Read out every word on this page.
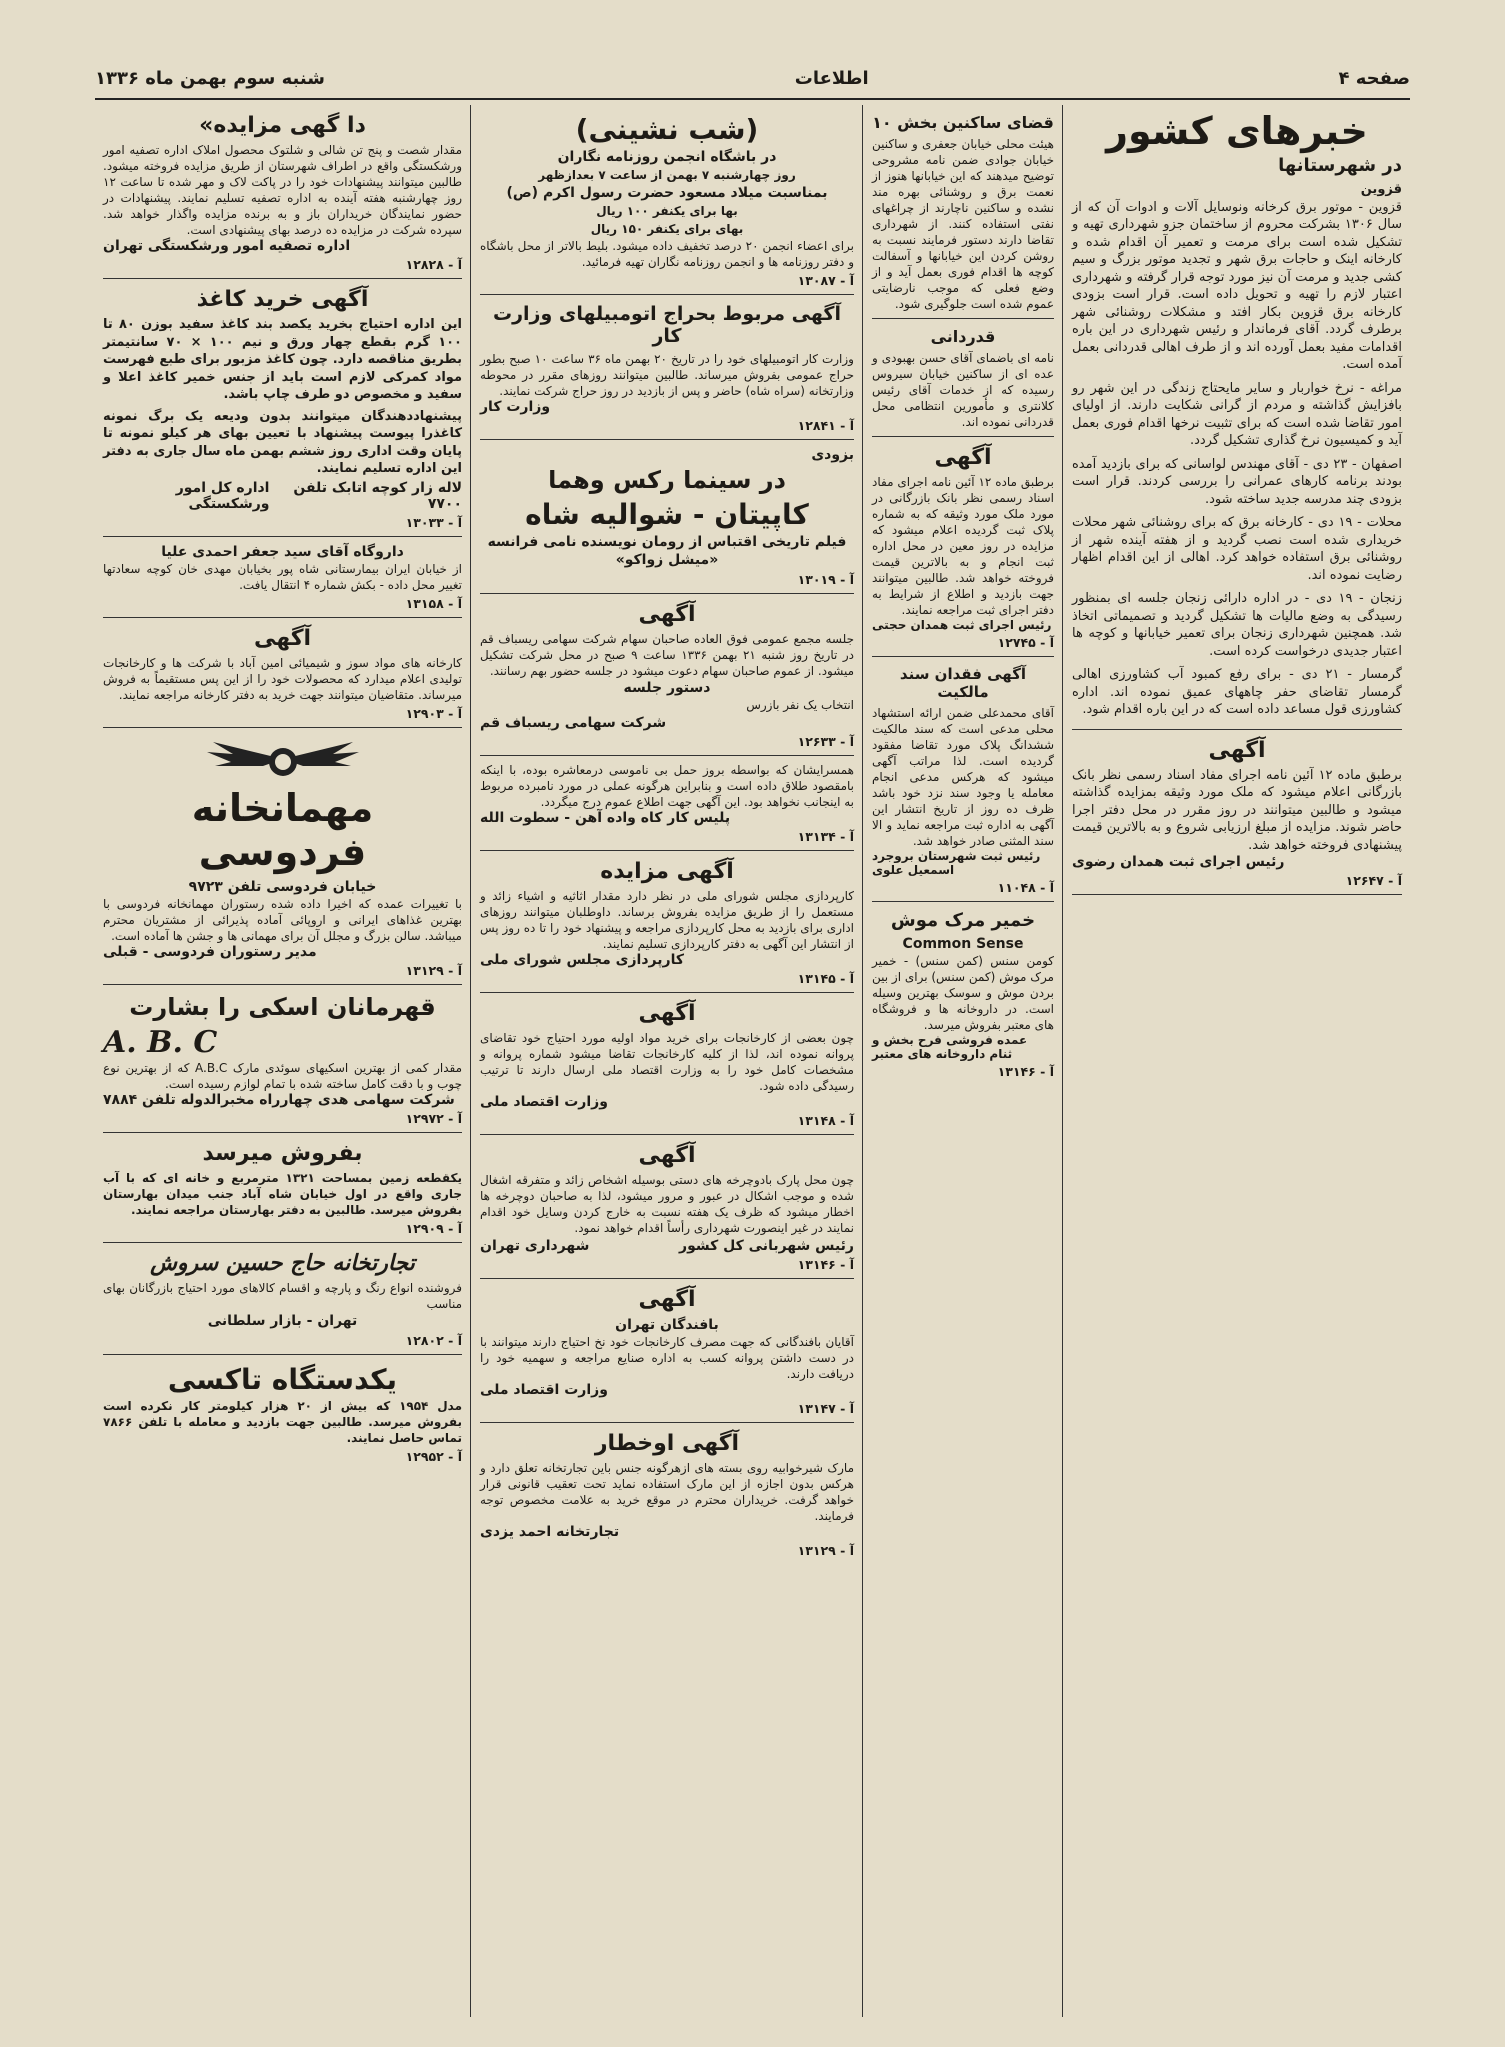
صفحه ۴
اطلاعات
شنبه سوم بهمن ماه ۱۳۳۶
خبرهای کشور
در شهرستانها
قزوین
قزوین - موتور برق کرخانه ونوسایل آلات و ادوات آن که از سال ۱۳۰۶ بشرکت محروم از ساختمان جزو شهرداری تهیه و تشکیل شده است برای مرمت و تعمیر آن اقدام شده و کارخانه اینک و حاجات برق شهر و تجدید موتور بزرگ و سیم کشی جدید و مرمت آن نیز مورد توجه قرار گرفته و شهرداری اعتبار لازم را تهیه و تحویل داده است. قرار است بزودی کارخانه برق قزوین بکار افتد و مشکلات روشنائی شهر برطرف گردد. آقای فرماندار و رئیس شهرداری در این باره اقدامات مفید بعمل آورده اند و از طرف اهالی قدردانی بعمل آمده است.
مراغه - نرخ خواربار و سایر مایحتاج زندگی در این شهر رو بافزایش گذاشته و مردم از گرانی شکایت دارند. از اولیای امور تقاضا شده است که برای تثبیت نرخها اقدام فوری بعمل آید و کمیسیون نرخ گذاری تشکیل گردد.
اصفهان - ۲۳ دی - آقای مهندس لواسانی که برای بازدید آمده بودند برنامه کارهای عمرانی را بررسی کردند. قرار است بزودی چند مدرسه جدید ساخته شود.
محلات - ۱۹ دی - کارخانه برق که برای روشنائی شهر محلات خریداری شده است نصب گردید و از هفته آینده شهر از روشنائی برق استفاده خواهد کرد. اهالی از این اقدام اظهار رضایت نموده اند.
زنجان - ۱۹ دی - در اداره دارائی زنجان جلسه ای بمنظور رسیدگی به وضع مالیات ها تشکیل گردید و تصمیماتی اتخاذ شد. همچنین شهرداری زنجان برای تعمیر خیابانها و کوچه ها اعتبار جدیدی درخواست کرده است.
گرمسار - ۲۱ دی - برای رفع کمبود آب کشاورزی اهالی گرمسار تقاضای حفر چاههای عمیق نموده اند. اداره کشاورزی قول مساعد داده است که در این باره اقدام شود.
آگهی
برطبق ماده ۱۲ آئین نامه اجرای مفاد اسناد رسمی نظر بانک بازرگانی اعلام میشود که ملک مورد وثیقه بمزایده گذاشته میشود و طالبین میتوانند در روز مقرر در محل دفتر اجرا حاضر شوند. مزایده از مبلغ ارزیابی شروع و به بالاترین قیمت پیشنهادی فروخته خواهد شد.
رئیس اجرای ثبت همدان رضوی
آ - ۱۲۶۴۷
قضای ساکنین بخش ۱۰
هیئت محلی خیابان جعفری و ساکنین خیابان جوادی ضمن نامه مشروحی توضیح میدهند که این خیابانها هنوز از نعمت برق و روشنائی بهره مند نشده و ساکنین ناچارند از چراغهای نفتی استفاده کنند. از شهرداری تقاضا دارند دستور فرمایند نسبت به روشن کردن این خیابانها و آسفالت کوچه ها اقدام فوری بعمل آید و از وضع فعلی که موجب نارضایتی عموم شده است جلوگیری شود.
قدردانی
نامه ای باضمای آقای حسن بهبودی و عده ای از ساکنین خیابان سیروس رسیده که از خدمات آقای رئیس کلانتری و مأمورین انتظامی محل قدردانی نموده اند.
آگهی
برطبق ماده ۱۲ آئین نامه اجرای مفاد اسناد رسمی نظر بانک بازرگانی در مورد ملک مورد وثیقه که به شماره پلاک ثبت گردیده اعلام میشود که مزایده در روز معین در محل اداره ثبت انجام و به بالاترین قیمت فروخته خواهد شد. طالبین میتوانند جهت بازدید و اطلاع از شرایط به دفتر اجرای ثبت مراجعه نمایند.
رئیس اجرای ثبت همدان حجتی
آ - ۱۲۷۴۵
آگهی فقدان سند مالکیت
آقای محمدعلی ضمن ارائه استشهاد محلی مدعی است که سند مالکیت ششدانگ پلاک مورد تقاضا مفقود گردیده است. لذا مراتب آگهی میشود که هرکس مدعی انجام معامله یا وجود سند نزد خود باشد ظرف ده روز از تاریخ انتشار این آگهی به اداره ثبت مراجعه نماید و الا سند المثنی صادر خواهد شد.
رئیس ثبت شهرستان بروجرد اسمعیل علوی
آ - ۱۱۰۴۸
خمیر مرک موش
Common Sense
کومن سنس (کمن سنس) - خمیر مرک موش (کمن سنس) برای از بین بردن موش و سوسک بهترین وسیله است. در داروخانه ها و فروشگاه های معتبر بفروش میرسد.
عمده فروشی فرح بخش و ثنام داروخانه های معتبر
آ - ۱۳۱۴۶
(شب نشینی)
در باشگاه انجمن روزنامه نگاران
روز چهارشنبه ۷ بهمن از ساعت ۷ بعدازظهر
بمناسبت میلاد مسعود حضرت رسول اکرم (ص)
بها برای یکنفر ۱۰۰ ریال
بهای برای یکنفر ۱۵۰ ریال
برای اعضاء انجمن ۲۰ درصد تخفیف داده میشود. بلیط بالاتر از محل باشگاه و دفتر روزنامه ها و انجمن روزنامه نگاران تهیه فرمائید.
آ - ۱۳۰۸۷
آگهی مربوط بحراج اتومبیلهای وزارت کار
وزارت کار اتومبیلهای خود را در تاریخ ۲۰ بهمن ماه ۳۶ ساعت ۱۰ صبح بطور حراج عمومی بفروش میرساند. طالبین میتوانند روزهای مقرر در محوطه وزارتخانه (سراه شاه) حاضر و پس از بازدید در روز حراج شرکت نمایند.
وزارت کار
آ - ۱۲۸۴۱
بزودی
در سینما رکس وهما
کاپیتان - شوالیه شاه
فیلم تاریخی اقتباس از رومان نویسنده نامی فرانسه
«میشل زواکو»
آ - ۱۳۰۱۹
آگهی
جلسه مجمع عمومی فوق العاده صاحبان سهام شرکت سهامی ریسباف قم در تاریخ روز شنبه ۲۱ بهمن ۱۳۳۶ ساعت ۹ صبح در محل شرکت تشکیل میشود. از عموم صاحبان سهام دعوت میشود در جلسه حضور بهم رسانند.
دستور جلسه
انتخاب یک نفر بازرس
شرکت سهامی ریسباف قم
آ - ۱۲۶۳۳
همسرایشان که بواسطه بروز حمل بی ناموسی درمعاشره بوده، با اینکه بامقصود طلاق داده است و بنابراین هرگونه عملی در مورد نامبرده مربوط به اینجانب نخواهد بود. این آگهی جهت اطلاع عموم درج میگردد.
پلیس کار کاه واده آهن - سطوت الله
آ - ۱۳۱۳۴
آگهی مزایده
کارپردازی مجلس شورای ملی در نظر دارد مقدار اثاثیه و اشیاء زائد و مستعمل را از طریق مزایده بفروش برساند. داوطلبان میتوانند روزهای اداری برای بازدید به محل کارپردازی مراجعه و پیشنهاد خود را تا ده روز پس از انتشار این آگهی به دفتر کارپردازی تسلیم نمایند.
کارپردازی مجلس شورای ملی
آ - ۱۳۱۴۵
آگهی
چون بعضی از کارخانجات برای خرید مواد اولیه مورد احتیاج خود تقاضای پروانه نموده اند، لذا از کلیه کارخانجات تقاضا میشود شماره پروانه و مشخصات کامل خود را به وزارت اقتصاد ملی ارسال دارند تا ترتیب رسیدگی داده شود.
وزارت اقتصاد ملی
آ - ۱۳۱۴۸
آگهی
چون محل پارک بادوچرخه های دستی بوسیله اشخاص زائد و متفرقه اشغال شده و موجب اشکال در عبور و مرور میشود، لذا به صاحبان دوچرخه ها اخطار میشود که ظرف یک هفته نسبت به خارج کردن وسایل خود اقدام نمایند در غیر اینصورت شهرداری رأساً اقدام خواهد نمود.
رئیس شهربانی کل کشور
شهرداری تهران
آ - ۱۳۱۴۶
آگهی
بافندگان تهران
آقایان بافندگانی که جهت مصرف کارخانجات خود نخ احتیاج دارند میتوانند با در دست داشتن پروانه کسب به اداره صنایع مراجعه و سهمیه خود را دریافت دارند.
وزارت اقتصاد ملی
آ - ۱۳۱۴۷
آگهی اوخطار
مارک شیرخوابیه روی بسته های ازهرگونه جنس باین تجارتخانه تعلق دارد و هرکس بدون اجازه از این مارک استفاده نماید تحت تعقیب قانونی قرار خواهد گرفت. خریداران محترم در موقع خرید به علامت مخصوص توجه فرمایند.
تجارتخانه احمد یزدی
آ - ۱۳۱۲۹
دا گهی مزایده»
مقدار شصت و پنج تن شالی و شلتوک محصول املاک اداره تصفیه امور ورشکستگی واقع در اطراف شهرستان از طریق مزایده فروخته میشود. طالبین میتوانند پیشنهادات خود را در پاکت لاک و مهر شده تا ساعت ۱۲ روز چهارشنبه هفته آینده به اداره تصفیه تسلیم نمایند. پیشنهادات در حضور نمایندگان خریداران باز و به برنده مزایده واگذار خواهد شد. سپرده شرکت در مزایده ده درصد بهای پیشنهادی است.
اداره تصفیه امور ورشکستگی تهران
آ - ۱۲۸۲۸
آگهی خرید کاغذ
این اداره احتیاج بخرید یکصد بند کاغذ سفید بوزن ۸۰ تا ۱۰۰ گرم بقطع چهار ورق و نیم ۱۰۰ × ۷۰ سانتیمتر بطریق مناقصه دارد. چون کاغذ مزبور برای طبع فهرست مواد کمرکی لازم است باید از جنس خمیر کاغذ اعلا و سفید و مخصوص دو طرف چاپ باشد.
پیشنهاددهندگان میتوانند بدون ودیعه یک برگ نمونه کاغذرا پیوست پیشنهاد با تعیین بهای هر کیلو نمونه تا پایان وقت اداری روز ششم بهمن ماه سال جاری به دفتر این اداره تسلیم نمایند.
لاله زار کوچه اتابک تلفن ۷۷۰۰
اداره کل امور ورشکستگی
آ - ۱۳۰۳۳
داروگاه آقای سید جعفر احمدی علیا
از خیابان ایران بیمارستانی شاه پور بخیابان مهدی خان کوچه سعادتها تغییر محل داده - بکش شماره ۴ انتقال یافت.
آ - ۱۳۱۵۸
آگهی
کارخانه های مواد سوز و شیمیائی امین آباد با شرکت ها و کارخانجات تولیدی اعلام میدارد که محصولات خود را از این پس مستقیماً به فروش میرساند. متقاضیان میتوانند جهت خرید به دفتر کارخانه مراجعه نمایند.
آ - ۱۲۹۰۳
مهمانخانه فردوسی
خیابان فردوسی تلفن ۹۷۲۳
با تغییرات عمده که اخیرا داده شده رستوران مهمانخانه فردوسی با بهترین غذاهای ایرانی و اروپائی آماده پذیرائی از مشتریان محترم میباشد. سالن بزرگ و مجلل آن برای مهمانی ها و جشن ها آماده است.
مدیر رستوران فردوسی - قبلی
آ - ۱۳۱۲۹
قهرمانان اسکی را بشارت
A. B. C
مقدار کمی از بهترین اسکیهای سوئدی مارک A.B.C که از بهترین نوع چوب و با دقت کامل ساخته شده با تمام لوازم رسیده است.
شرکت سهامی هدی چهارراه مخبرالدوله تلفن ۷۸۸۴
آ - ۱۲۹۷۲
بفروش میرسد
یکقطعه زمین بمساحت ۱۳۲۱ مترمربع و خانه ای که با آب جاری واقع در اول خیابان شاه آباد جنب میدان بهارستان بفروش میرسد. طالبین به دفتر بهارستان مراجعه نمایند.
آ - ۱۲۹۰۹
تجارتخانه حاج حسین سروش
فروشنده انواع رنگ و پارچه و اقسام کالاهای مورد احتیاج بازرگانان بهای مناسب
تهران - بازار سلطانی
آ - ۱۲۸۰۲
یکدستگاه تاکسی
مدل ۱۹۵۴ که بیش از ۲۰ هزار کیلومتر کار نکرده است بفروش میرسد. طالبین جهت بازدید و معامله با تلفن ۷۸۶۶ تماس حاصل نمایند.
آ - ۱۲۹۵۲
